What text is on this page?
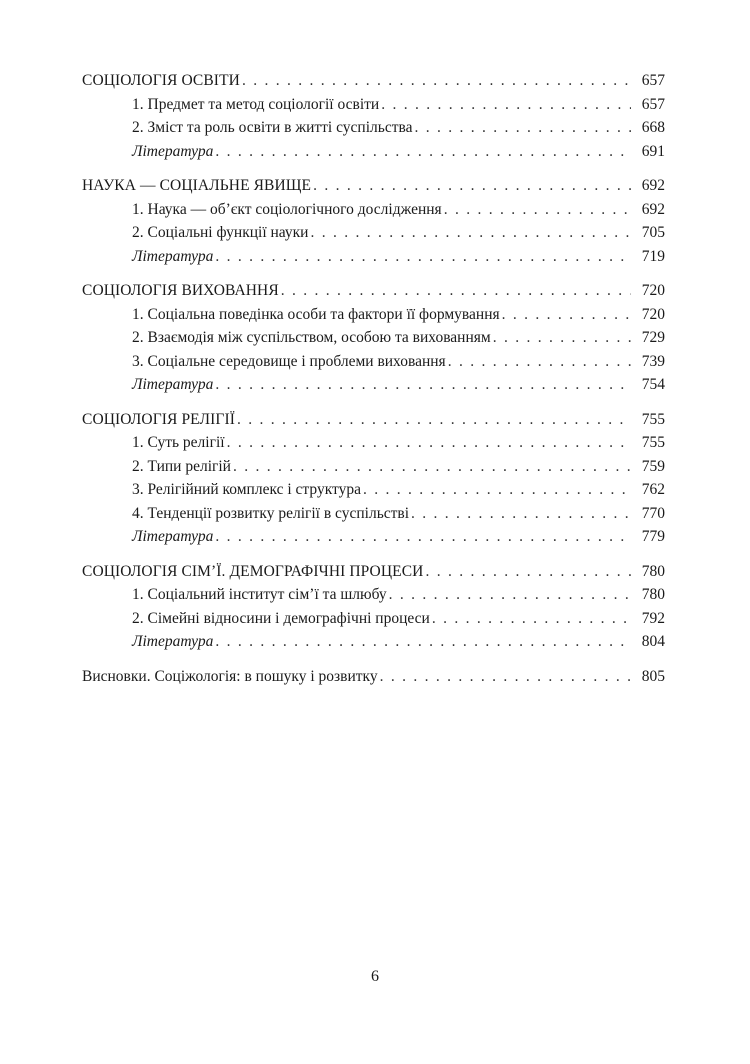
СОЦІОЛОГІЯ ОСВІТИ . . .	657
1. Предмет та метод соціології освіти . . .	657
2. Зміст та роль освіти в житті суспільства . . .	668
Література . . .	691
НАУКА — СОЦІАЛЬНЕ ЯВИЩЕ . . .	692
1. Наука — об’єкт соціологічного дослідження . . .	692
2. Соціальні функції науки . . .	705
Література . . .	719
СОЦІОЛОГІЯ ВИХОВАННЯ . . .	720
1. Соціальна поведінка особи та фактори її формування . . .	720
2. Взаємодія між суспільством, особою та вихованням . . .	729
3. Соціальне середовище і проблеми виховання . . .	739
Література . . .	754
СОЦІОЛОГІЯ РЕЛІГІЇ . . .	755
1. Суть релігії . . .	755
2. Типи релігій . . .	759
3. Релігійний комплекс і структура . . .	762
4. Тенденції розвитку релігії в суспільстві . . .	770
Література . . .	779
СОЦІОЛОГІЯ СІМ’Ї. ДЕМОГРАФІЧНІ ПРОЦЕСИ . . .	780
1. Соціальний інститут сім’ї та шлюбу . . .	780
2. Сімейні відносини і демографічні процеси . . .	792
Література . . .	804
Висновки. Соціжологія: в пошуку і розвитку . . .	805
6
